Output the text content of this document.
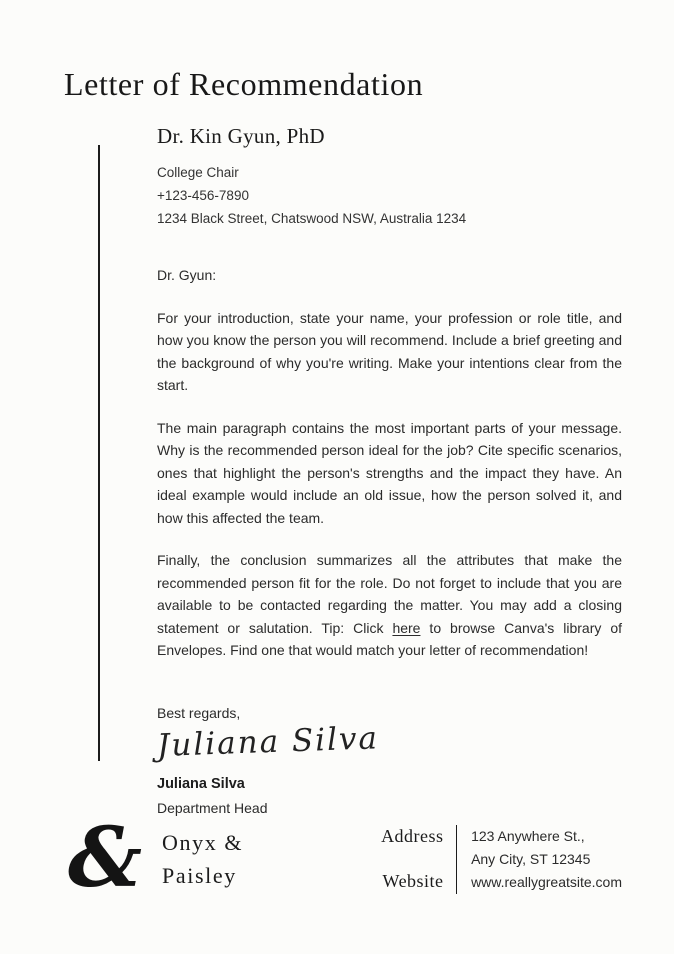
Letter of Recommendation
Dr. Kin Gyun, PhD
College Chair
+123-456-7890
1234 Black Street, Chatswood NSW, Australia 1234
Dr. Gyun:

For your introduction, state your name, your profession or role title, and how you know the person you will recommend. Include a brief greeting and the background of why you're writing. Make your intentions clear from the start.

The main paragraph contains the most important parts of your message. Why is the recommended person ideal for the job? Cite specific scenarios, ones that highlight the person's strengths and the impact they have. An ideal example would include an old issue, how the person solved it, and how this affected the team.

Finally, the conclusion summarizes all the attributes that make the recommended person fit for the role. Do not forget to include that you are available to be contacted regarding the matter. You may add a closing statement or salutation. Tip: Click here to browse Canva's library of Envelopes. Find one that would match your letter of recommendation!

Best regards,
Juliana Silva
Juliana Silva
Department Head
& Onyx &
Paisley
Address
Website
123 Anywhere St.,
Any City, ST 12345
www.reallygreatsite.com
